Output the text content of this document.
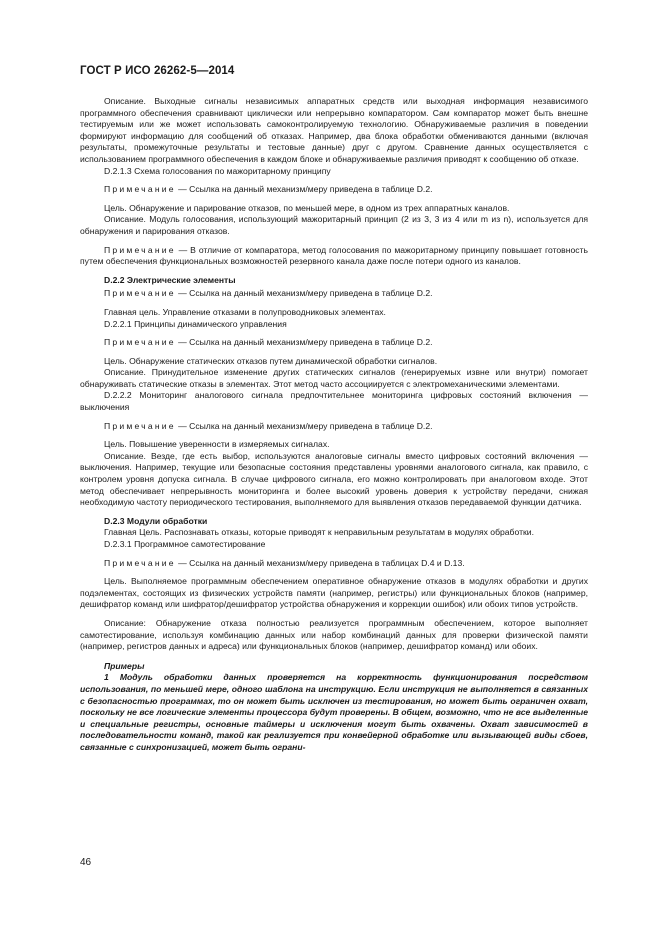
ГОСТ Р ИСО 26262-5—2014

Описание. Выходные сигналы независимых аппаратных средств или выходная информация независимого программного обеспечения сравнивают циклически или непрерывно компаратором. Сам компаратор может быть внешне тестируемым или же может использовать самоконтролируемую технологию. Обнаруживаемые различия в поведении формируют информацию для сообщений об отказах. Например, два блока обработки обмениваются данными (включая результаты, промежуточные результаты и тестовые данные) друг с другом. Сравнение данных осуществляется с использованием программного обеспечения в каждом блоке и обнаруживаемые различия приводят к сообщению об отказе.

D.2.1.3 Схема голосования по мажоритарному принципу

Примечание — Ссылка на данный механизм/меру приведена в таблице D.2.

Цель. Обнаружение и парирование отказов, по меньшей мере, в одном из трех аппаратных каналов.

Описание. Модуль голосования, использующий мажоритарный принцип (2 из 3, 3 из 4 или m из n), используется для обнаружения и парирования отказов.

Примечание — В отличие от компаратора, метод голосования по мажоритарному принципу повышает готовность путем обеспечения функциональных возможностей резервного канала даже после потери одного из каналов.

D.2.2 Электрические элементы

Примечание — Ссылка на данный механизм/меру приведена в таблице D.2.

Главная цель. Управление отказами в полупроводниковых элементах.

D.2.2.1 Принципы динамического управления

Примечание — Ссылка на данный механизм/меру приведена в таблице D.2.

Цель. Обнаружение статических отказов путем динамической обработки сигналов.

Описание. Принудительное изменение других статических сигналов (генерируемых извне или внутри) помогает обнаруживать статические отказы в элементах. Этот метод часто ассоциируется с электромеханическими элементами.

D.2.2.2 Мониторинг аналогового сигнала предпочтительнее мониторинга цифровых состояний включения — выключения

Примечание — Ссылка на данный механизм/меру приведена в таблице D.2.

Цель. Повышение уверенности в измеряемых сигналах.

Описание. Везде, где есть выбор, используются аналоговые сигналы вместо цифровых состояний включения — выключения. Например, текущие или безопасные состояния представлены уровнями аналогового сигнала, как правило, с контролем уровня допуска сигнала. В случае цифрового сигнала, его можно контролировать при аналоговом входе. Этот метод обеспечивает непрерывность мониторинга и более высокий уровень доверия к устройству передачи, снижая необходимую частоту периодического тестирования, выполняемого для выявления отказов передаваемой функции датчика.

D.2.3 Модули обработки

Главная Цель. Распознавать отказы, которые приводят к неправильным результатам в модулях обработки.

D.2.3.1 Программное самотестирование

Примечание — Ссылка на данный механизм/меру приведена в таблицах D.4 и D.13.

Цель. Выполняемое программным обеспечением оперативное обнаружение отказов в модулях обработки и других подэлементах, состоящих из физических устройств памяти (например, регистры) или функциональных блоков (например, дешифратор команд или шифратор/дешифратор устройства обнаружения и коррекции ошибок) или обоих типов устройств.

Описание: Обнаружение отказа полностью реализуется программным обеспечением, которое выполняет самотестирование, используя комбинацию данных или набор комбинаций данных для проверки физической памяти (например, регистров данных и адреса) или функциональных блоков (например, дешифратор команд) или обоих.

Примеры

1 Модуль обработки данных проверяется на корректность функционирования посредством использования, по меньшей мере, одного шаблона на инструкцию. Если инструкция не выполняется в связанных с безопасностью программах, то он может быть исключен из тестирования, но может быть ограничен охват, поскольку не все логические элементы процессора будут проверены. В общем, возможно, что не все выделенные и специальные регистры, основные таймеры и исключения могут быть охвачены. Охват зависимостей в последовательности команд, такой как реализуется при конвейерной обработке или вызывающей виды сбоев, связанные с синхронизацией, может быть ограни-

46
